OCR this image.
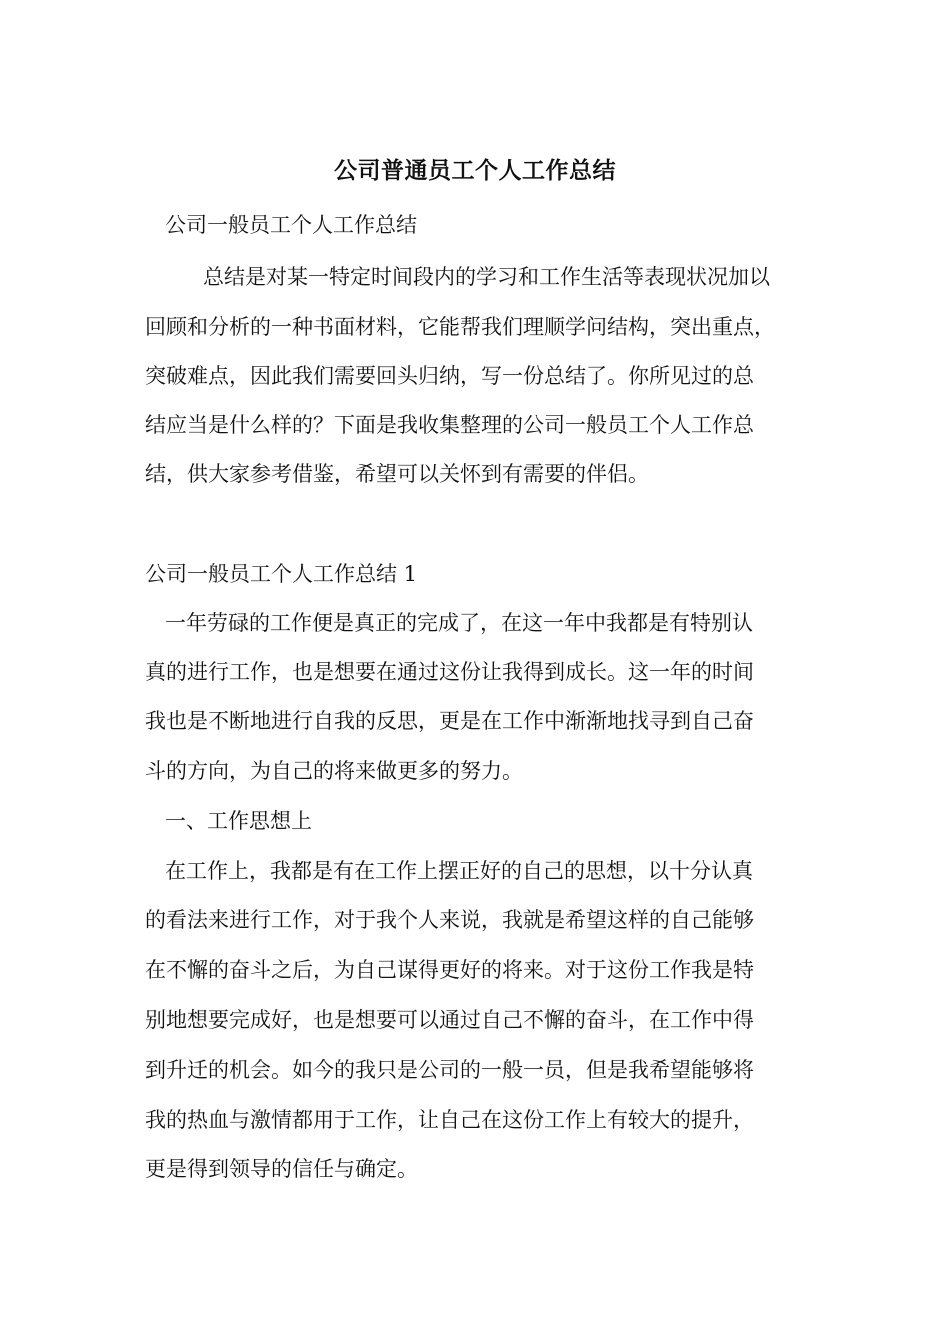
公司普通员工个人工作总结

公司一般员工个人工作总结

总结是对某一特定时间段内的学习和工作生活等表现状况加以

回顾和分析的一种书面材料，它能帮我们理顺学问结构，突出重点，

突破难点，因此我们需要回头归纳，写一份总结了。你所见过的总

结应当是什么样的？下面是我收集整理的公司一般员工个人工作总

结，供大家参考借鉴，希望可以关怀到有需要的伴侣。

公司一般员工个人工作总结 1

一年劳碌的工作便是真正的完成了，在这一年中我都是有特别认

真的进行工作，也是想要在通过这份让我得到成长。这一年的时间

我也是不断地进行自我的反思，更是在工作中渐渐地找寻到自己奋

斗的方向，为自己的将来做更多的努力。

一、工作思想上

在工作上，我都是有在工作上摆正好的自己的思想，以十分认真

的看法来进行工作，对于我个人来说，我就是希望这样的自己能够

在不懈的奋斗之后，为自己谋得更好的将来。对于这份工作我是特

别地想要完成好，也是想要可以通过自己不懈的奋斗，在工作中得

到升迁的机会。如今的我只是公司的一般一员，但是我希望能够将

我的热血与激情都用于工作，让自己在这份工作上有较大的提升，

更是得到领导的信任与确定。
